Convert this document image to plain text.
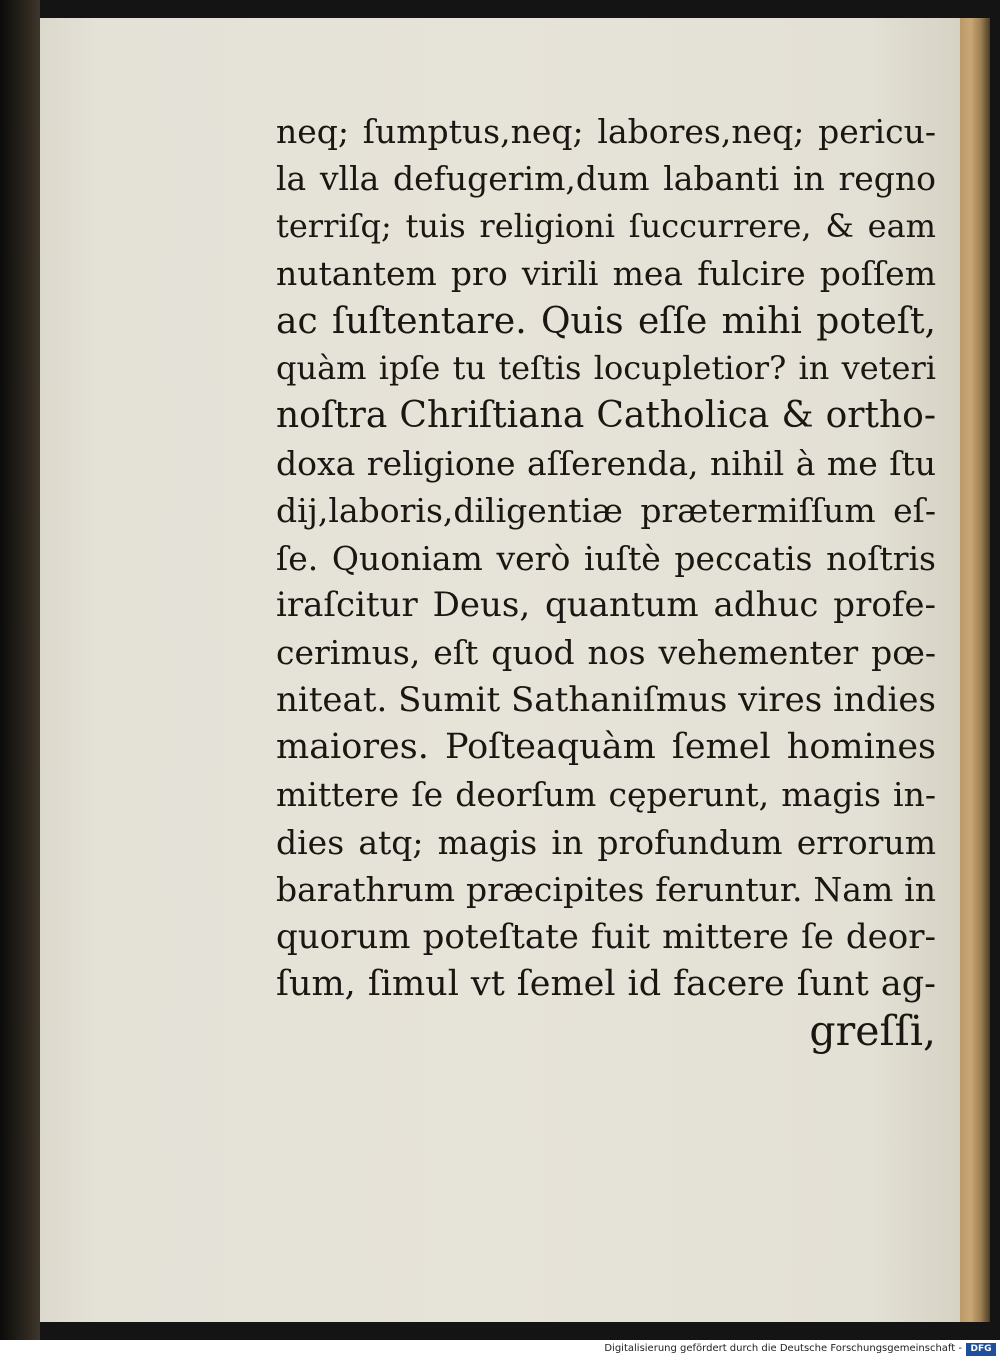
neq; ſumptus,neq; labores,neq; pericu-
la vlla defugerim,dum labanti in regno
terriſq; tuis religioni ſuccurrere, & eam
nutantem pro virili mea fulcire poſſem
ac ſuſtentare. Quis eſſe mihi poteſt,
quàm ipſe tu teſtis locupletior? in veteri
noſtra Chriſtiana Catholica & ortho-
doxa religione aſſerenda, nihil à me ſtu
dij,laboris,diligentiæ prætermiſſum eſ-
ſe. Quoniam verò iuſtè peccatis noſtris
iraſcitur Deus, quantum adhuc profe-
cerimus, eſt quod nos vehementer pœ-
niteat. Sumit Sathaniſmus vires indies
maiores. Poſteaquàm ſemel homines
mittere ſe deorſum cęperunt, magis in-
dies atq; magis in profundum errorum
barathrum præcipites feruntur. Nam in
quorum poteſtate fuit mittere ſe deor-
ſum, ſimul vt ſemel id facere ſunt ag-
greſſi,
Digitalisierung gefördert durch die Deutsche Forschungsgemeinschaft - DFG
